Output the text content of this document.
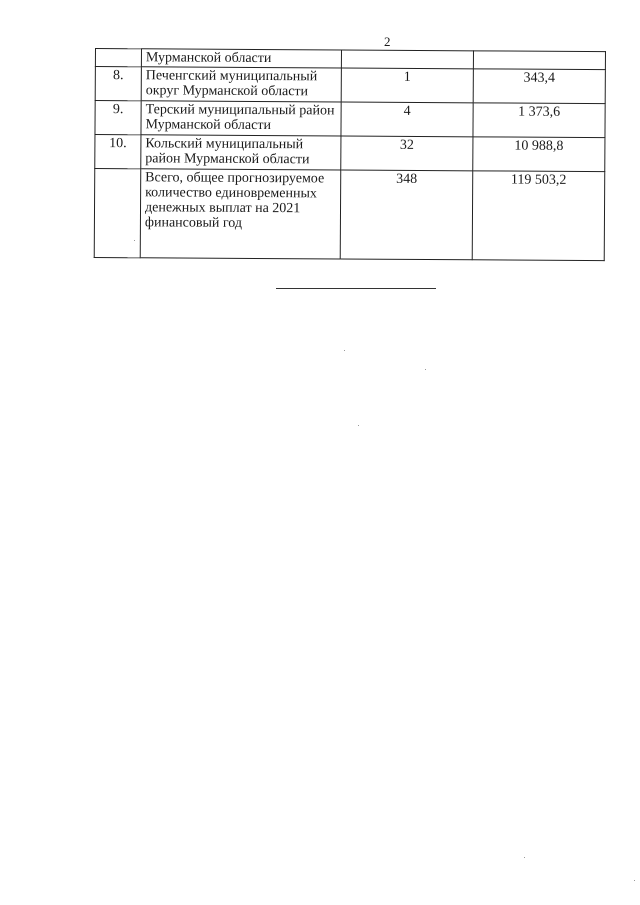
2
	Мурманской области		
8.	Печенгский муниципальный округ Мурманской области	1	343,4
9.	Терский муниципальный район Мурманской области	4	1 373,6
10.	Кольский муниципальный район Мурманской области	32	10 988,8
	Всего, общее прогнозируемое количество единовременных денежных выплат на 2021 финансовый год	348	119 503,2
